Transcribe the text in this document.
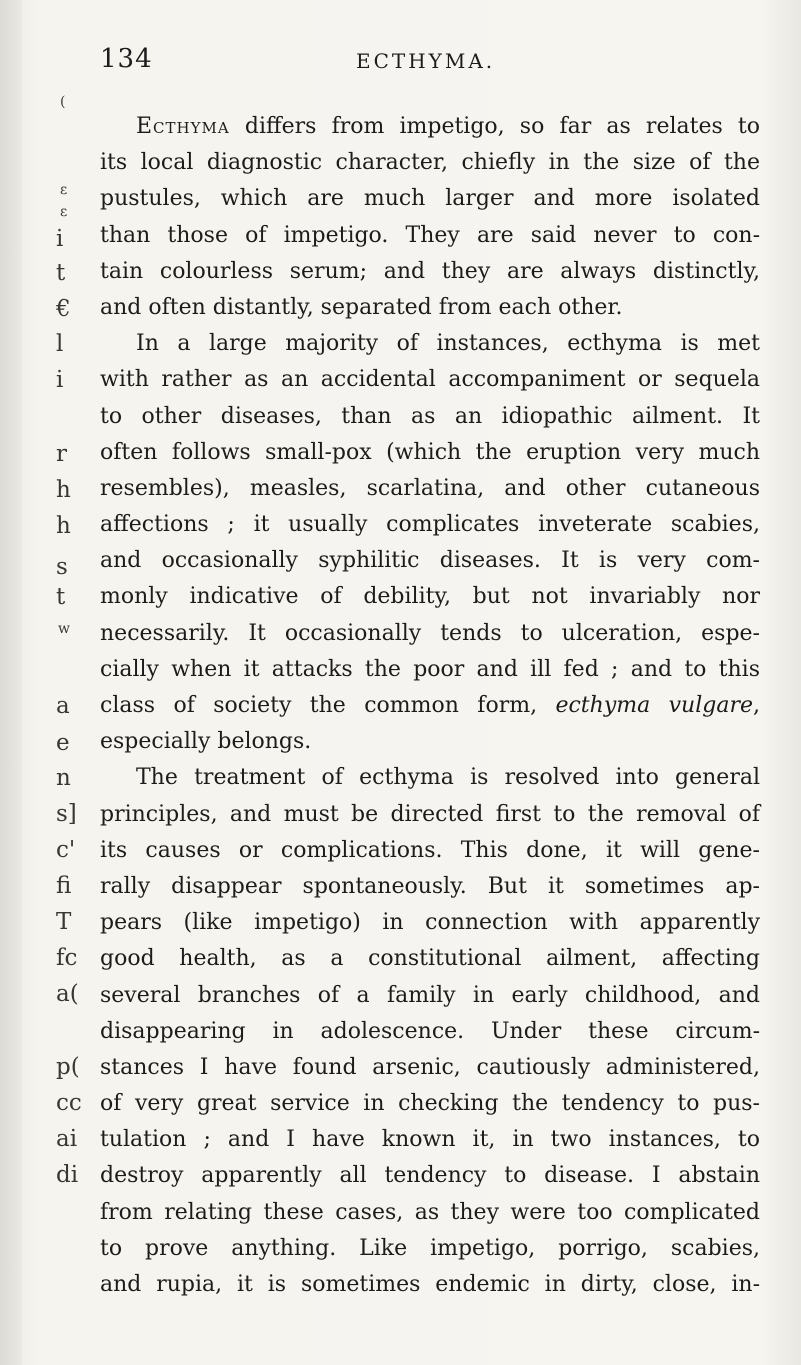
(
ε
ε
i
t
€
l
i
r
h
h
s
t
w
a
e
n
s]
c'
fi
T
fc
a(
p(
cc
ai
di
134	ECTHYMA.
Ecthyma differs from impetigo, so far as relates to
its local diagnostic character, chiefly in the size of the
pustules, which are much larger and more isolated
than those of impetigo. They are said never to con-
tain colourless serum; and they are always distinctly,
and often distantly, separated from each other.
In a large majority of instances, ecthyma is met
with rather as an accidental accompaniment or sequela
to other diseases, than as an idiopathic ailment. It
often follows small-pox (which the eruption very much
resembles), measles, scarlatina, and other cutaneous
affections ; it usually complicates inveterate scabies,
and occasionally syphilitic diseases. It is very com-
monly indicative of debility, but not invariably nor
necessarily. It occasionally tends to ulceration, espe-
cially when it attacks the poor and ill fed ; and to this
class of society the common form, ecthyma vulgare,
especially belongs.
The treatment of ecthyma is resolved into general
principles, and must be directed first to the removal of
its causes or complications. This done, it will gene-
rally disappear spontaneously. But it sometimes ap-
pears (like impetigo) in connection with apparently
good health, as a constitutional ailment, affecting
several branches of a family in early childhood, and
disappearing in adolescence. Under these circum-
stances I have found arsenic, cautiously administered,
of very great service in checking the tendency to pus-
tulation ; and I have known it, in two instances, to
destroy apparently all tendency to disease. I abstain
from relating these cases, as they were too complicated
to prove anything. Like impetigo, porrigo, scabies,
and rupia, it is sometimes endemic in dirty, close, in-
